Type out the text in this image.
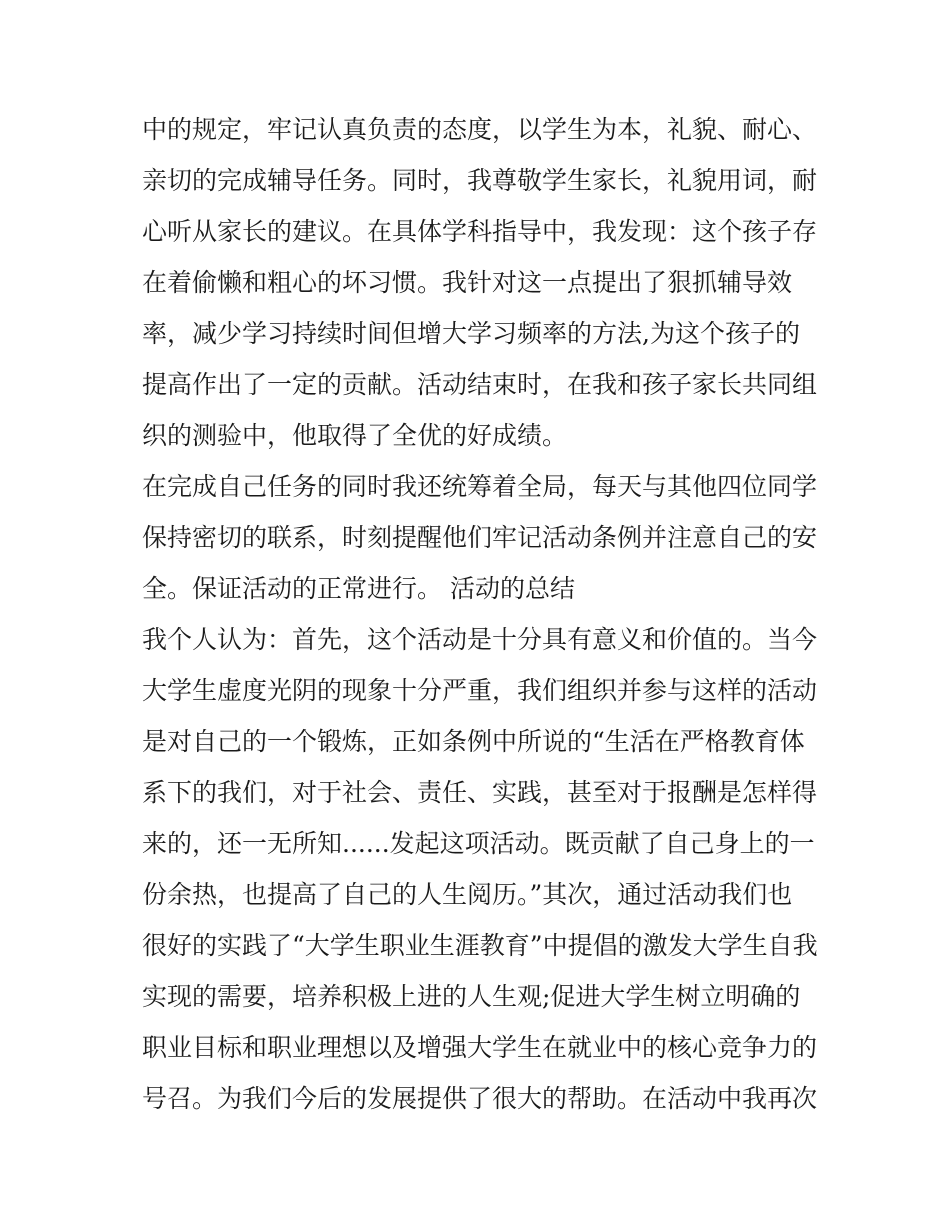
中的规定，牢记认真负责的态度，以学生为本，礼貌、耐心、
亲切的完成辅导任务。同时，我尊敬学生家长，礼貌用词，耐
心听从家长的建议。在具体学科指导中，我发现：这个孩子存
在着偷懒和粗心的坏习惯。我针对这一点提出了狠抓辅导效
率，减少学习持续时间但增大学习频率的方法,为这个孩子的
提高作出了一定的贡献。活动结束时，在我和孩子家长共同组
织的测验中，他取得了全优的好成绩。
在完成自己任务的同时我还统筹着全局，每天与其他四位同学
保持密切的联系，时刻提醒他们牢记活动条例并注意自己的安
全。保证活动的正常进行。 活动的总结
我个人认为：首先，这个活动是十分具有意义和价值的。当今
大学生虚度光阴的现象十分严重，我们组织并参与这样的活动
是对自己的一个锻炼，正如条例中所说的“生活在严格教育体
系下的我们，对于社会、责任、实践，甚至对于报酬是怎样得
来的，还一无所知......发起这项活动。既贡献了自己身上的一
份余热，也提高了自己的人生阅历。”其次，通过活动我们也
很好的实践了“大学生职业生涯教育”中提倡的激发大学生自我
实现的需要，培养积极上进的人生观;促进大学生树立明确的
职业目标和职业理想以及增强大学生在就业中的核心竞争力的
号召。为我们今后的发展提供了很大的帮助。在活动中我再次
